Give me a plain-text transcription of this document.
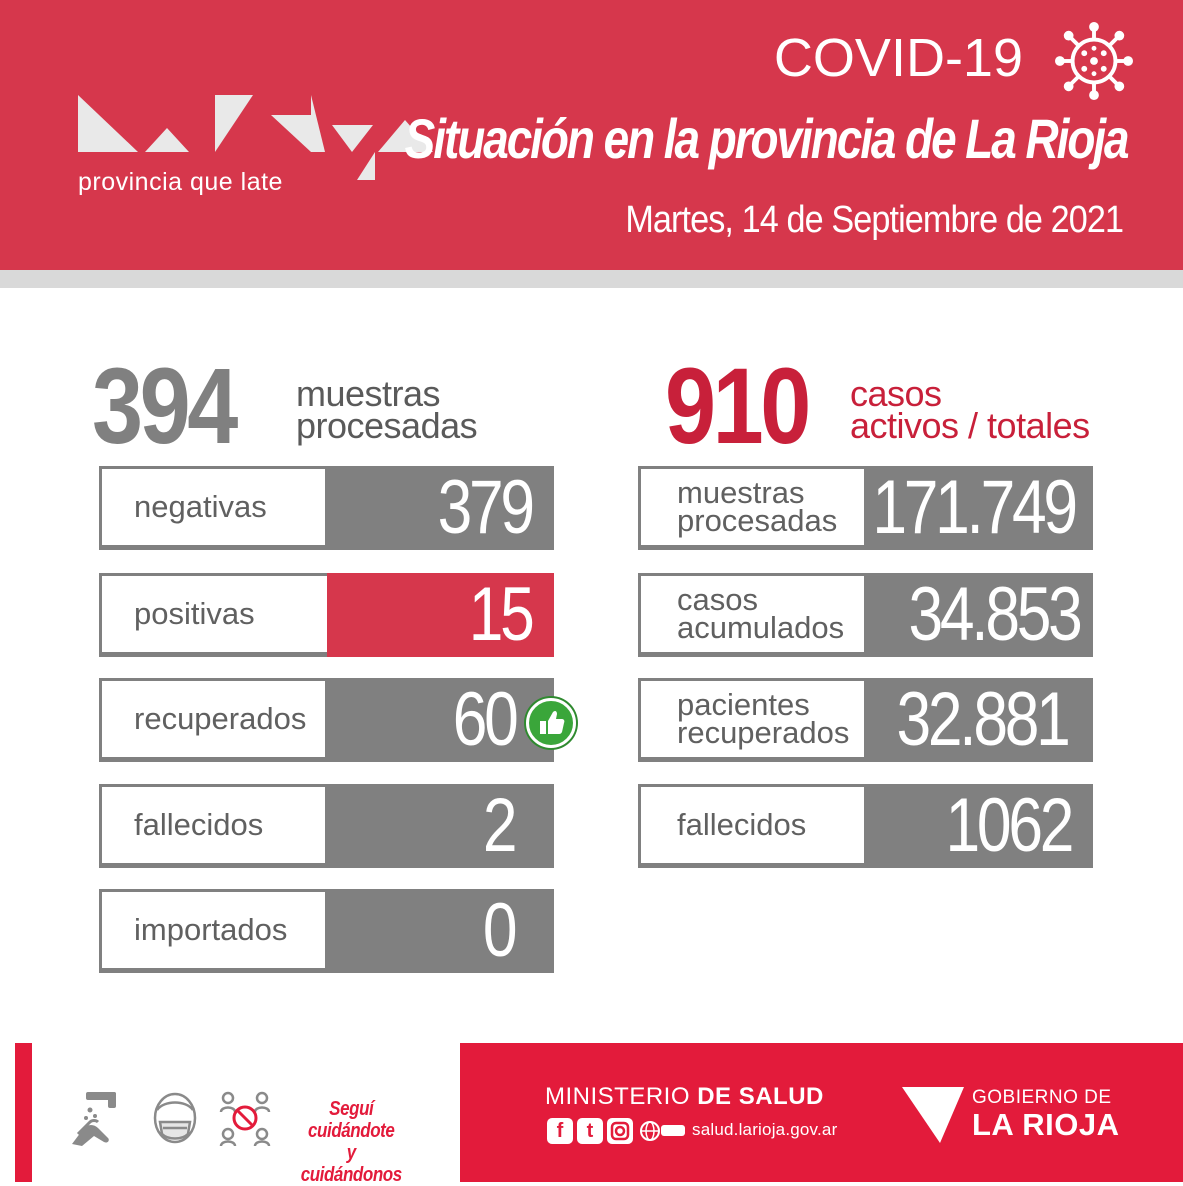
provincia que late
COVID-19
Situación en la provincia de La Rioja
Martes, 14 de Septiembre de 2021
394 muestras
procesadas
negativas 379
positivas	15
recuperados 60
fallecidos	2
importados	0
910 casos
activos / totales
muestras
procesadas 171.749
casos
acumulados 34.853
pacientes
recuperados 32.881
fallecidos 1062
Seguí cuidándote
y cuidándonos
MINISTERIO DE SALUD
f	t	salud.larioja.gov.ar
GOBIERNO DE
LA RIOJA
